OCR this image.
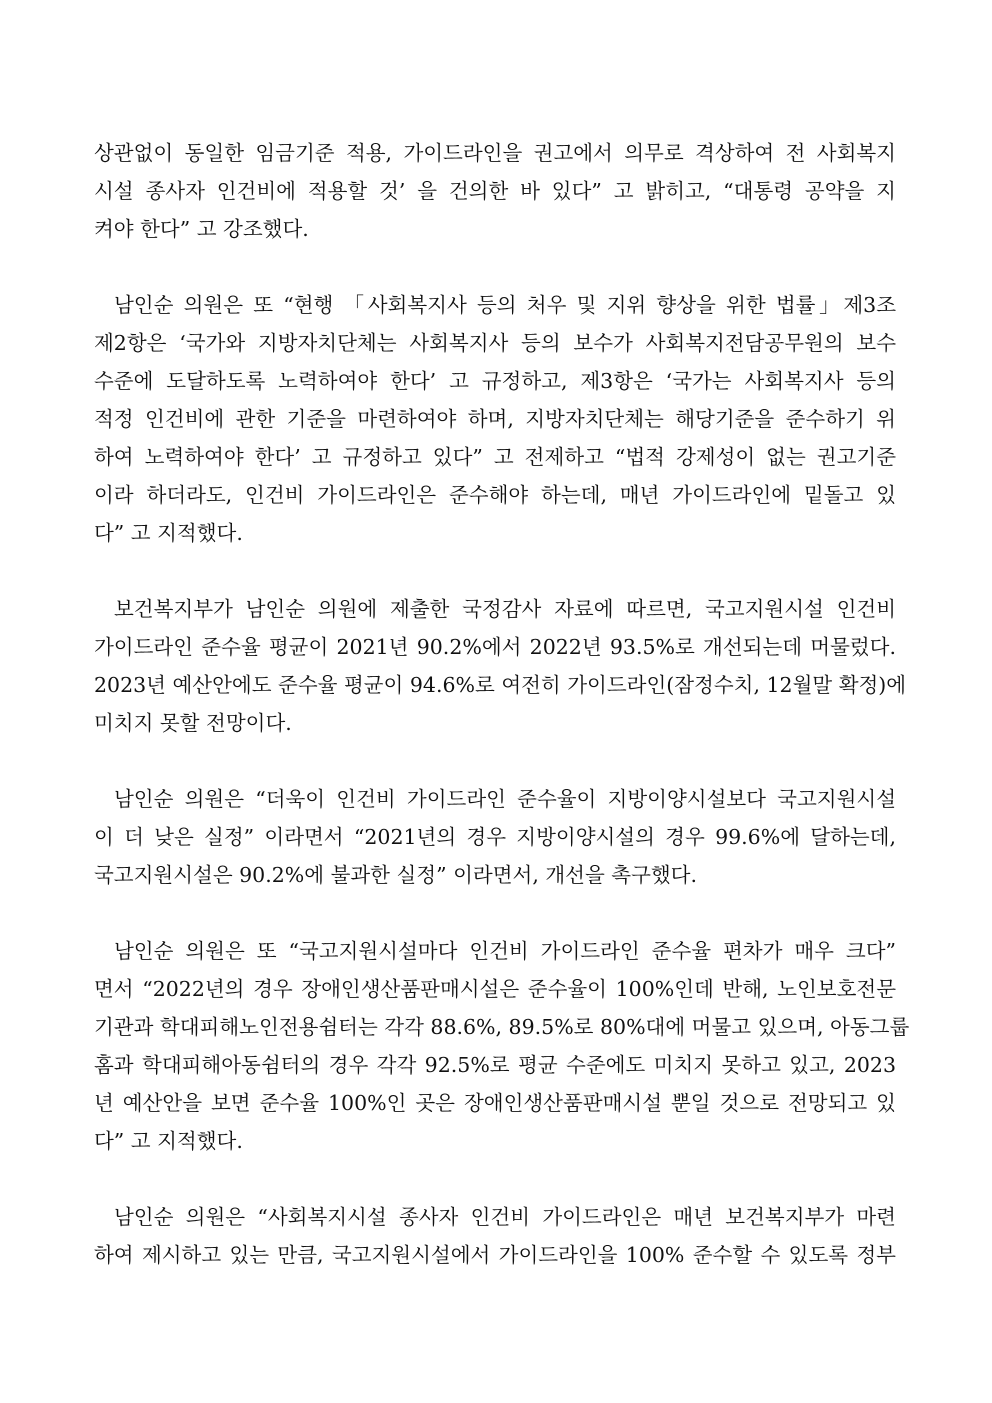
상관없이 동일한 임금기준 적용, 가이드라인을 권고에서 의무로 격상하여 전 사회복지
시설 종사자 인건비에 적용할 것’ 을 건의한 바 있다” 고 밝히고, “대통령 공약을 지
켜야 한다” 고 강조했다.

남인순 의원은 또 “현행 「사회복지사 등의 처우 및 지위 향상을 위한 법률」제3조
제2항은 ‘국가와 지방자치단체는 사회복지사 등의 보수가 사회복지전담공무원의 보수
수준에 도달하도록 노력하여야 한다’ 고 규정하고, 제3항은 ‘국가는 사회복지사 등의
적정 인건비에 관한 기준을 마련하여야 하며, 지방자치단체는 해당기준을 준수하기 위
하여 노력하여야 한다’ 고 규정하고 있다” 고 전제하고 “법적 강제성이 없는 권고기준
이라 하더라도, 인건비 가이드라인은 준수해야 하는데, 매년 가이드라인에 밑돌고 있
다” 고 지적했다.

보건복지부가 남인순 의원에 제출한 국정감사 자료에 따르면, 국고지원시설 인건비
가이드라인 준수율 평균이 2021년 90.2%에서 2022년 93.5%로 개선되는데 머물렀다.
2023년 예산안에도 준수율 평균이 94.6%로 여전히 가이드라인(잠정수치, 12월말 확정)에
미치지 못할 전망이다.

남인순 의원은 “더욱이 인건비 가이드라인 준수율이 지방이양시설보다 국고지원시설
이 더 낮은 실정” 이라면서 “2021년의 경우 지방이양시설의 경우 99.6%에 달하는데,
국고지원시설은 90.2%에 불과한 실정” 이라면서, 개선을 촉구했다.

남인순 의원은 또 “국고지원시설마다 인건비 가이드라인 준수율 편차가 매우 크다”
면서 “2022년의 경우 장애인생산품판매시설은 준수율이 100%인데 반해, 노인보호전문
기관과 학대피해노인전용쉼터는 각각 88.6%, 89.5%로 80%대에 머물고 있으며, 아동그룹
홈과 학대피해아동쉼터의 경우 각각 92.5%로 평균 수준에도 미치지 못하고 있고, 2023
년 예산안을 보면 준수율 100%인 곳은 장애인생산품판매시설 뿐일 것으로 전망되고 있
다” 고 지적했다.

남인순 의원은 “사회복지시설 종사자 인건비 가이드라인은 매년 보건복지부가 마련
하여 제시하고 있는 만큼, 국고지원시설에서 가이드라인을 100% 준수할 수 있도록 정부
